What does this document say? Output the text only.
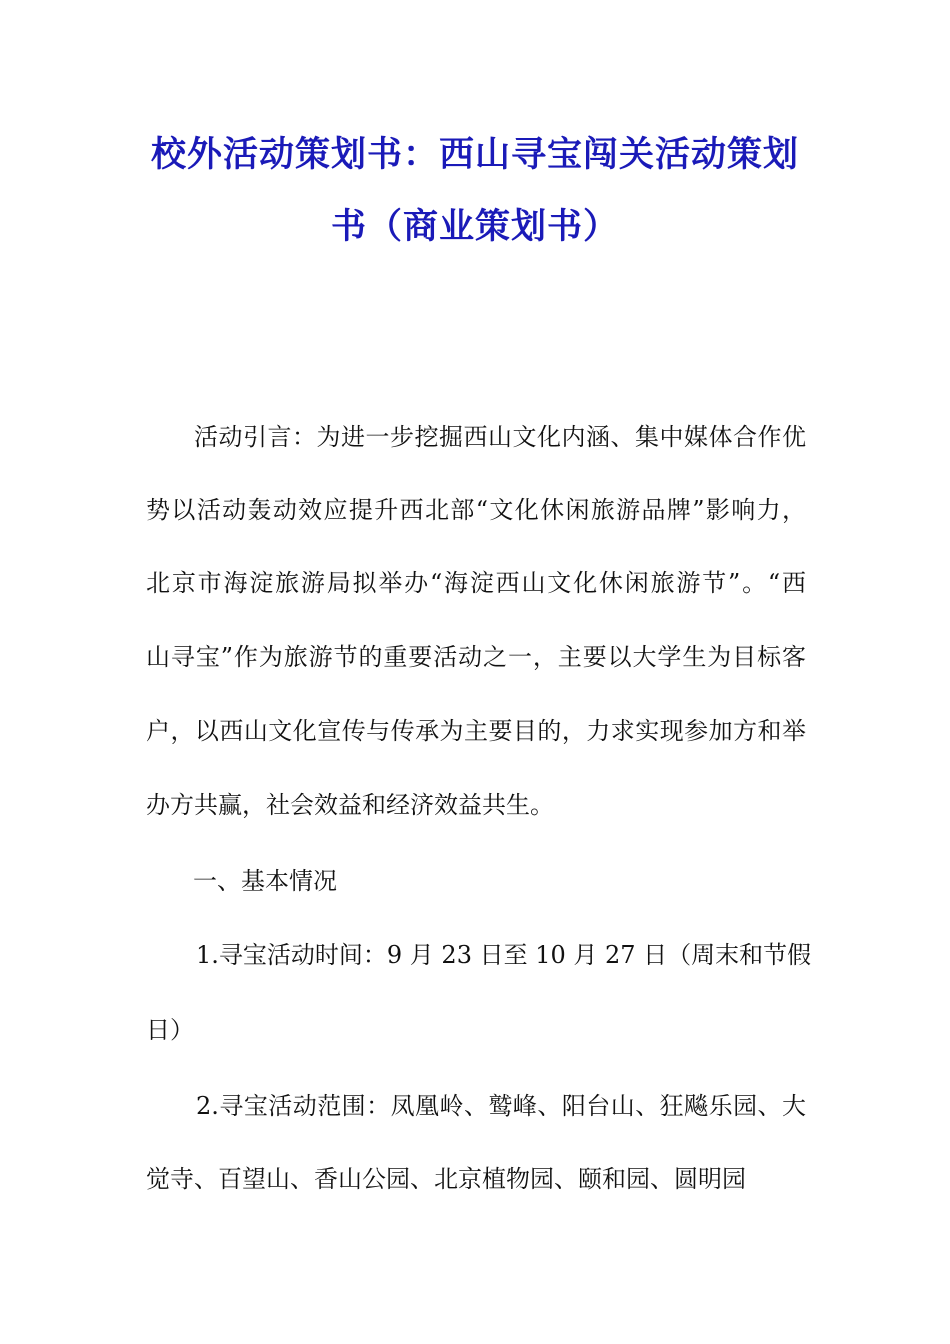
校外活动策划书：西山寻宝闯关活动策划
书（商业策划书）
活动引言：为进一步挖掘西山文化内涵、集中媒体合作优
势以活动轰动效应提升西北部“文化休闲旅游品牌”影响力，
北京市海淀旅游局拟举办“海淀西山文化休闲旅游节”。“西
山寻宝”作为旅游节的重要活动之一，主要以大学生为目标客
户，以西山文化宣传与传承为主要目的，力求实现参加方和举
办方共赢，社会效益和经济效益共生。
一、基本情况
1.寻宝活动时间：9 月 23 日至 10 月 27 日（周末和节假
日）
2.寻宝活动范围：凤凰岭、鹫峰、阳台山、狂飚乐园、大
觉寺、百望山、香山公园、北京植物园、颐和园、圆明园
